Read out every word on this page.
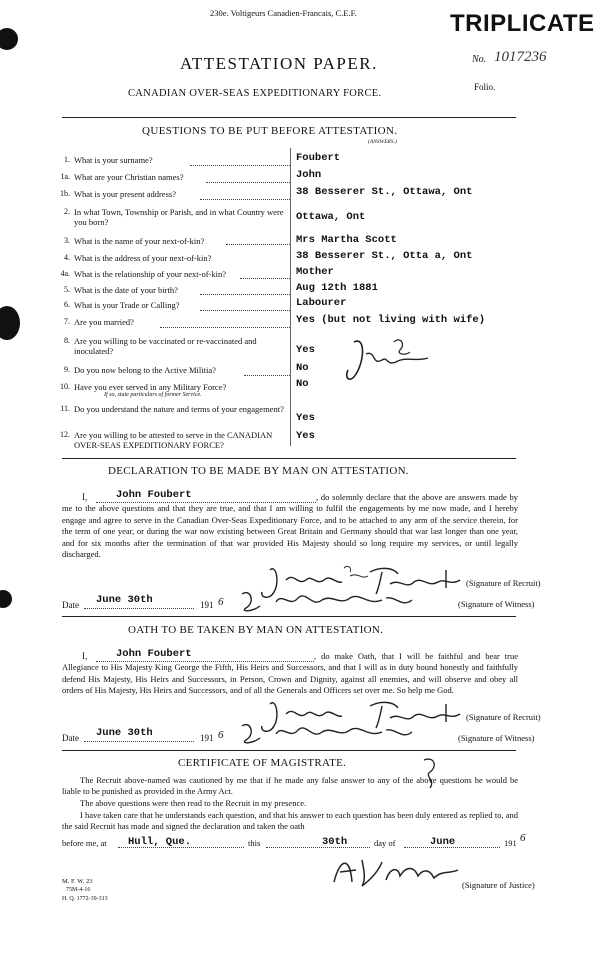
230e. Voltigeurs Canadien-Francais, C.E.F.	TRIPLICATE
No. 1017236
Folio.
ATTESTATION PAPER.
CANADIAN OVER-SEAS EXPEDITIONARY FORCE.
QUESTIONS TO BE PUT BEFORE ATTESTATION.
(ANSWERS.)
1. What is your surname?	Foubert
1a. What are your Christian names?	John
1b. What is your present address?	38 Besserer St., Ottawa, Ont
2. In what Town, Township or Parish, and in what Country were you born?	Ottawa, Ont
3. What is the name of your next-of-kin?	Mrs Martha Scott
4. What is the address of your next-of-kin?	38 Besserer St., Otta a, Ont
4a. What is the relationship of your next-of-kin?	Mother
5. What is the date of your birth?	Aug 12th 1881
6. What is your Trade or Calling?	Labourer
7. Are you married?	Yes (but not living with wife)
8. Are you willing to be vaccinated or re-vaccinated and inoculated?	Yes
9. Do you now belong to the Active Militia?	No
10. Have you ever served in any Military Force?
If so, state particulars of former Service.
No
11. Do you understand the nature and terms of your engagement?
Yes
12. Are you willing to be attested to serve in the CANADIAN OVER-SEAS EXPEDITIONARY FORCE?
Yes
DECLARATION TO BE MADE BY MAN ON ATTESTATION.
I,	John Foubert	, do solemnly declare that the above are answers made by me to the above questions and that they are true, and that I am willing to fulfil the engagements by me now made, and I hereby engage and agree to serve in the Canadian Over-Seas Expeditionary Force, and to be attached to any arm of the service therein, for the term of one year, or during the war now existing between Great Britain and Germany should that war last longer than one year, and for six months after the termination of that war provided His Majesty should so long require my services, or until legally discharged.
(Signature of Recruit)
Date June 30th	191 6	(Signature of Witness)
OATH TO BE TAKEN BY MAN ON ATTESTATION.
I,	John Foubert	, do make Oath, that I will be faithful and bear true Allegiance to His Majesty King George the Fifth, His Heirs and Successors, and that I will as in duty bound honestly and faithfully defend His Majesty, His Heirs and Successors, in Person, Crown and Dignity, against all enemies, and will observe and obey all orders of His Majesty, His Heirs and Successors, and of all the Generals and Officers set over me. So help me God.
(Signature of Recruit)
Date June 30th	191 6	(Signature of Witness)
CERTIFICATE OF MAGISTRATE.
The Recruit above-named was cautioned by me that if he made any false answer to any of the above questions he would be liable to be punished as provided in the Army Act.
The above questions were then read to the Recruit in my presence.
I have taken care that he understands each question, and that his answer to each question has been duly entered as replied to, and the said Recruit has made and signed the declaration and taken the oath
before me, at Hull, Que.	this	30th	day of	June	191 6
(Signature of Justice)
M. F. W. 23
75M-4-16
H. Q. 1772-39-313
